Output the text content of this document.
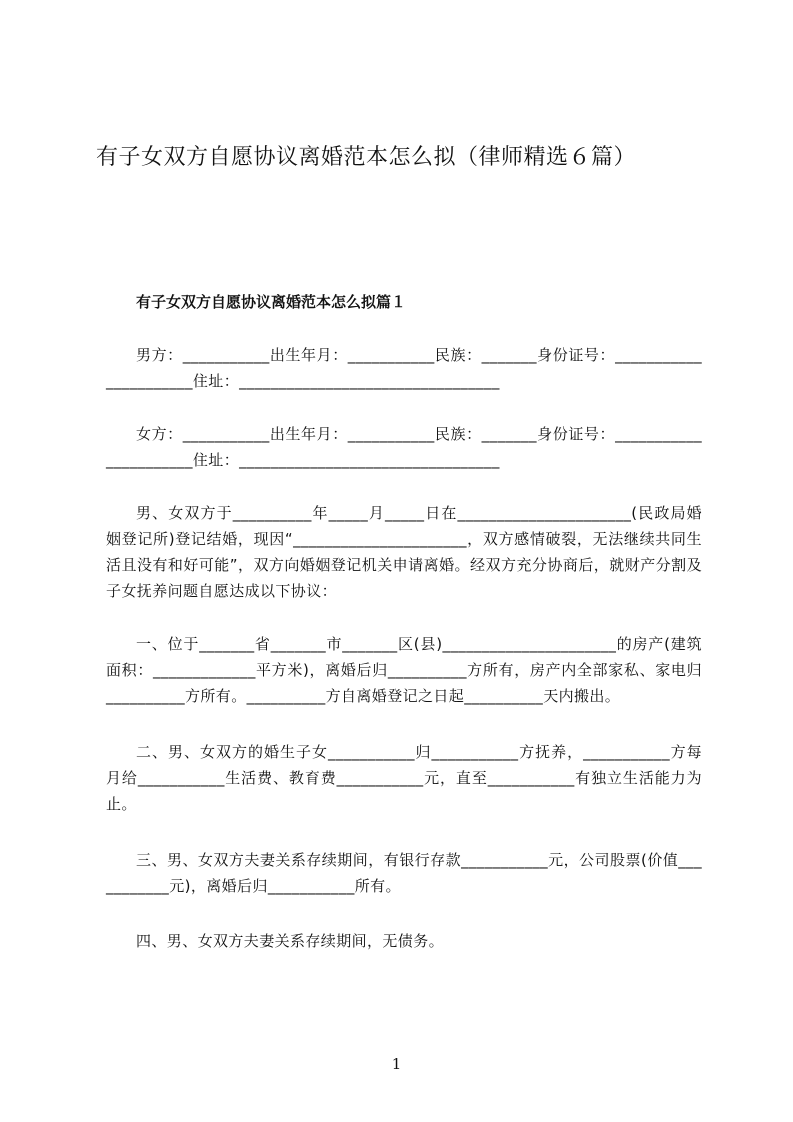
有子女双方自愿协议离婚范本怎么拟（律师精选６篇）
有子女双方自愿协议离婚范本怎么拟篇１
男方：___________出生年月：___________民族：_______身份证号：______________________住址：_________________________________
女方：___________出生年月：___________民族：_______身份证号：______________________住址：_________________________________
男、女双方于__________年_____月_____日在______________________(民政局婚姻登记所)登记结婚，现因“______________________，双方感情破裂，无法继续共同生活且没有和好可能”，双方向婚姻登记机关申请离婚。经双方充分协商后，就财产分割及子女抚养问题自愿达成以下协议：
一、位于_______省_______市_______区(县)______________________的房产(建筑面积：_____________平方米)，离婚后归__________方所有，房产内全部家私、家电归__________方所有。__________方自离婚登记之日起__________天内搬出。
二、男、女双方的婚生子女___________归___________方抚养，___________方每月给___________生活费、教育费___________元，直至___________有独立生活能力为止。
三、男、女双方夫妻关系存续期间，有银行存款___________元，公司股票(价值___________元)，离婚后归___________所有。
四、男、女双方夫妻关系存续期间，无债务。
1
